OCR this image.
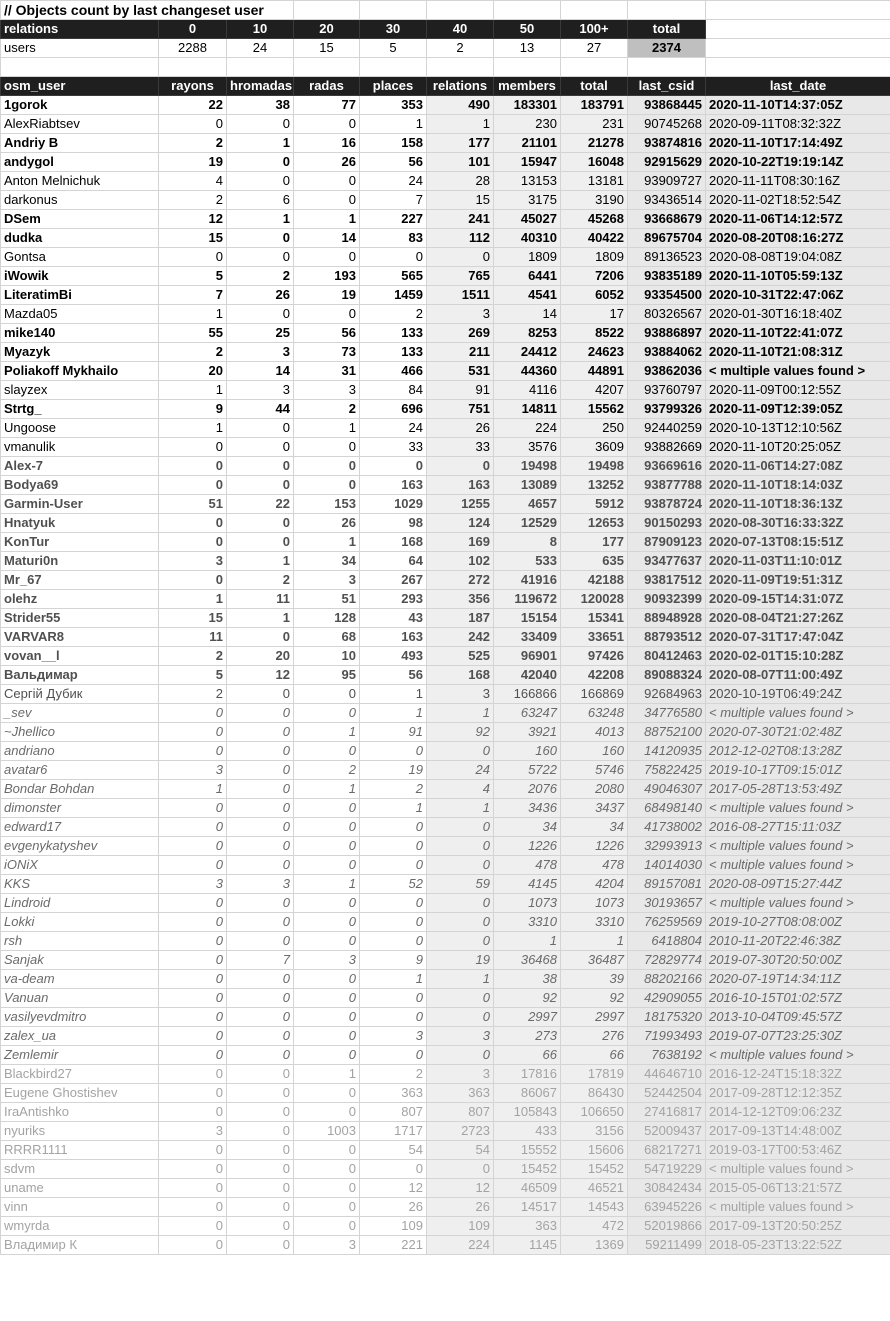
// Objects count by last changeset user									
relations	0	10	20	30	40	50	100+	total	
users	2288	24	15	5	2	13	27	2374	

osm_user	rayons	hromadas	radas	places	relations	members	total	last_csid	last_date
1gorok	22	38	77	353	490	183301	183791	93868445	2020-11-10T14:37:05Z
AlexRiabtsev	0	0	0	1	1	230	231	90745268	2020-09-11T08:32:32Z
Andriy B	2	1	16	158	177	21101	21278	93874816	2020-11-10T17:14:49Z
andygol	19	0	26	56	101	15947	16048	92915629	2020-10-22T19:19:14Z
Anton Melnichuk	4	0	0	24	28	13153	13181	93909727	2020-11-11T08:30:16Z
darkonus	2	6	0	7	15	3175	3190	93436514	2020-11-02T18:52:54Z
DSem	12	1	1	227	241	45027	45268	93668679	2020-11-06T14:12:57Z
dudka	15	0	14	83	112	40310	40422	89675704	2020-08-20T08:16:27Z
Gontsa	0	0	0	0	0	1809	1809	89136523	2020-08-08T19:04:08Z
iWowik	5	2	193	565	765	6441	7206	93835189	2020-11-10T05:59:13Z
LiteratimBi	7	26	19	1459	1511	4541	6052	93354500	2020-10-31T22:47:06Z
Mazda05	1	0	0	2	3	14	17	80326567	2020-01-30T16:18:40Z
mike140	55	25	56	133	269	8253	8522	93886897	2020-11-10T22:41:07Z
Myazyk	2	3	73	133	211	24412	24623	93884062	2020-11-10T21:08:31Z
Poliakoff Mykhailo	20	14	31	466	531	44360	44891	93862036	< multiple values found >
slayzex	1	3	3	84	91	4116	4207	93760797	2020-11-09T00:12:55Z
Strtg_	9	44	2	696	751	14811	15562	93799326	2020-11-09T12:39:05Z
Ungoose	1	0	1	24	26	224	250	92440259	2020-10-13T12:10:56Z
vmanulik	0	0	0	33	33	3576	3609	93882669	2020-11-10T20:25:05Z
Alex-7	0	0	0	0	0	19498	19498	93669616	2020-11-06T14:27:08Z
Bodya69	0	0	0	163	163	13089	13252	93877788	2020-11-10T18:14:03Z
Garmin-User	51	22	153	1029	1255	4657	5912	93878724	2020-11-10T18:36:13Z
Hnatyuk	0	0	26	98	124	12529	12653	90150293	2020-08-30T16:33:32Z
KonTur	0	0	1	168	169	8	177	87909123	2020-07-13T08:15:51Z
Maturi0n	3	1	34	64	102	533	635	93477637	2020-11-03T11:10:01Z
Mr_67	0	2	3	267	272	41916	42188	93817512	2020-11-09T19:51:31Z
olehz	1	11	51	293	356	119672	120028	90932399	2020-09-15T14:31:07Z
Strider55	15	1	128	43	187	15154	15341	88948928	2020-08-04T21:27:26Z
VARVAR8	11	0	68	163	242	33409	33651	88793512	2020-07-31T17:47:04Z
vovan__l	2	20	10	493	525	96901	97426	80412463	2020-02-01T15:10:28Z
Вальдимар	5	12	95	56	168	42040	42208	89088324	2020-08-07T11:00:49Z
Сергій Дубик	2	0	0	1	3	166866	166869	92684963	2020-10-19T06:49:24Z
_sev	0	0	0	1	1	63247	63248	34776580	< multiple values found >
~Jhellico	0	0	1	91	92	3921	4013	88752100	2020-07-30T21:02:48Z
andriano	0	0	0	0	0	160	160	14120935	2012-12-02T08:13:28Z
avatar6	3	0	2	19	24	5722	5746	75822425	2019-10-17T09:15:01Z
Bondar Bohdan	1	0	1	2	4	2076	2080	49046307	2017-05-28T13:53:49Z
dimonster	0	0	0	1	1	3436	3437	68498140	< multiple values found >
edward17	0	0	0	0	0	34	34	41738002	2016-08-27T15:11:03Z
evgenykatyshev	0	0	0	0	0	1226	1226	32993913	< multiple values found >
iONiX	0	0	0	0	0	478	478	14014030	< multiple values found >
KKS	3	3	1	52	59	4145	4204	89157081	2020-08-09T15:27:44Z
Lindroid	0	0	0	0	0	1073	1073	30193657	< multiple values found >
Lokki	0	0	0	0	0	3310	3310	76259569	2019-10-27T08:08:00Z
rsh	0	0	0	0	0	1	1	6418804	2010-11-20T22:46:38Z
Sanjak	0	7	3	9	19	36468	36487	72829774	2019-07-30T20:50:00Z
va-deam	0	0	0	1	1	38	39	88202166	2020-07-19T14:34:11Z
Vanuan	0	0	0	0	0	92	92	42909055	2016-10-15T01:02:57Z
vasilyevdmitro	0	0	0	0	0	2997	2997	18175320	2013-10-04T09:45:57Z
zalex_ua	0	0	0	3	3	273	276	71993493	2019-07-07T23:25:30Z
Zemlemir	0	0	0	0	0	66	66	7638192	< multiple values found >
Blackbird27	0	0	1	2	3	17816	17819	44646710	2016-12-24T15:18:32Z
Eugene Ghostishev	0	0	0	363	363	86067	86430	52442504	2017-09-28T12:12:35Z
IraAntishko	0	0	0	807	807	105843	106650	27416817	2014-12-12T09:06:23Z
nyuriks	3	0	1003	1717	2723	433	3156	52009437	2017-09-13T14:48:00Z
RRRR1111	0	0	0	54	54	15552	15606	68217271	2019-03-17T00:53:46Z
sdvm	0	0	0	0	0	15452	15452	54719229	< multiple values found >
uname	0	0	0	12	12	46509	46521	30842434	2015-05-06T13:21:57Z
vinn	0	0	0	26	26	14517	14543	63945226	< multiple values found >
wmyrda	0	0	0	109	109	363	472	52019866	2017-09-13T20:50:25Z
Владимир К	0	0	3	221	224	1145	1369	59211499	2018-05-23T13:22:52Z
